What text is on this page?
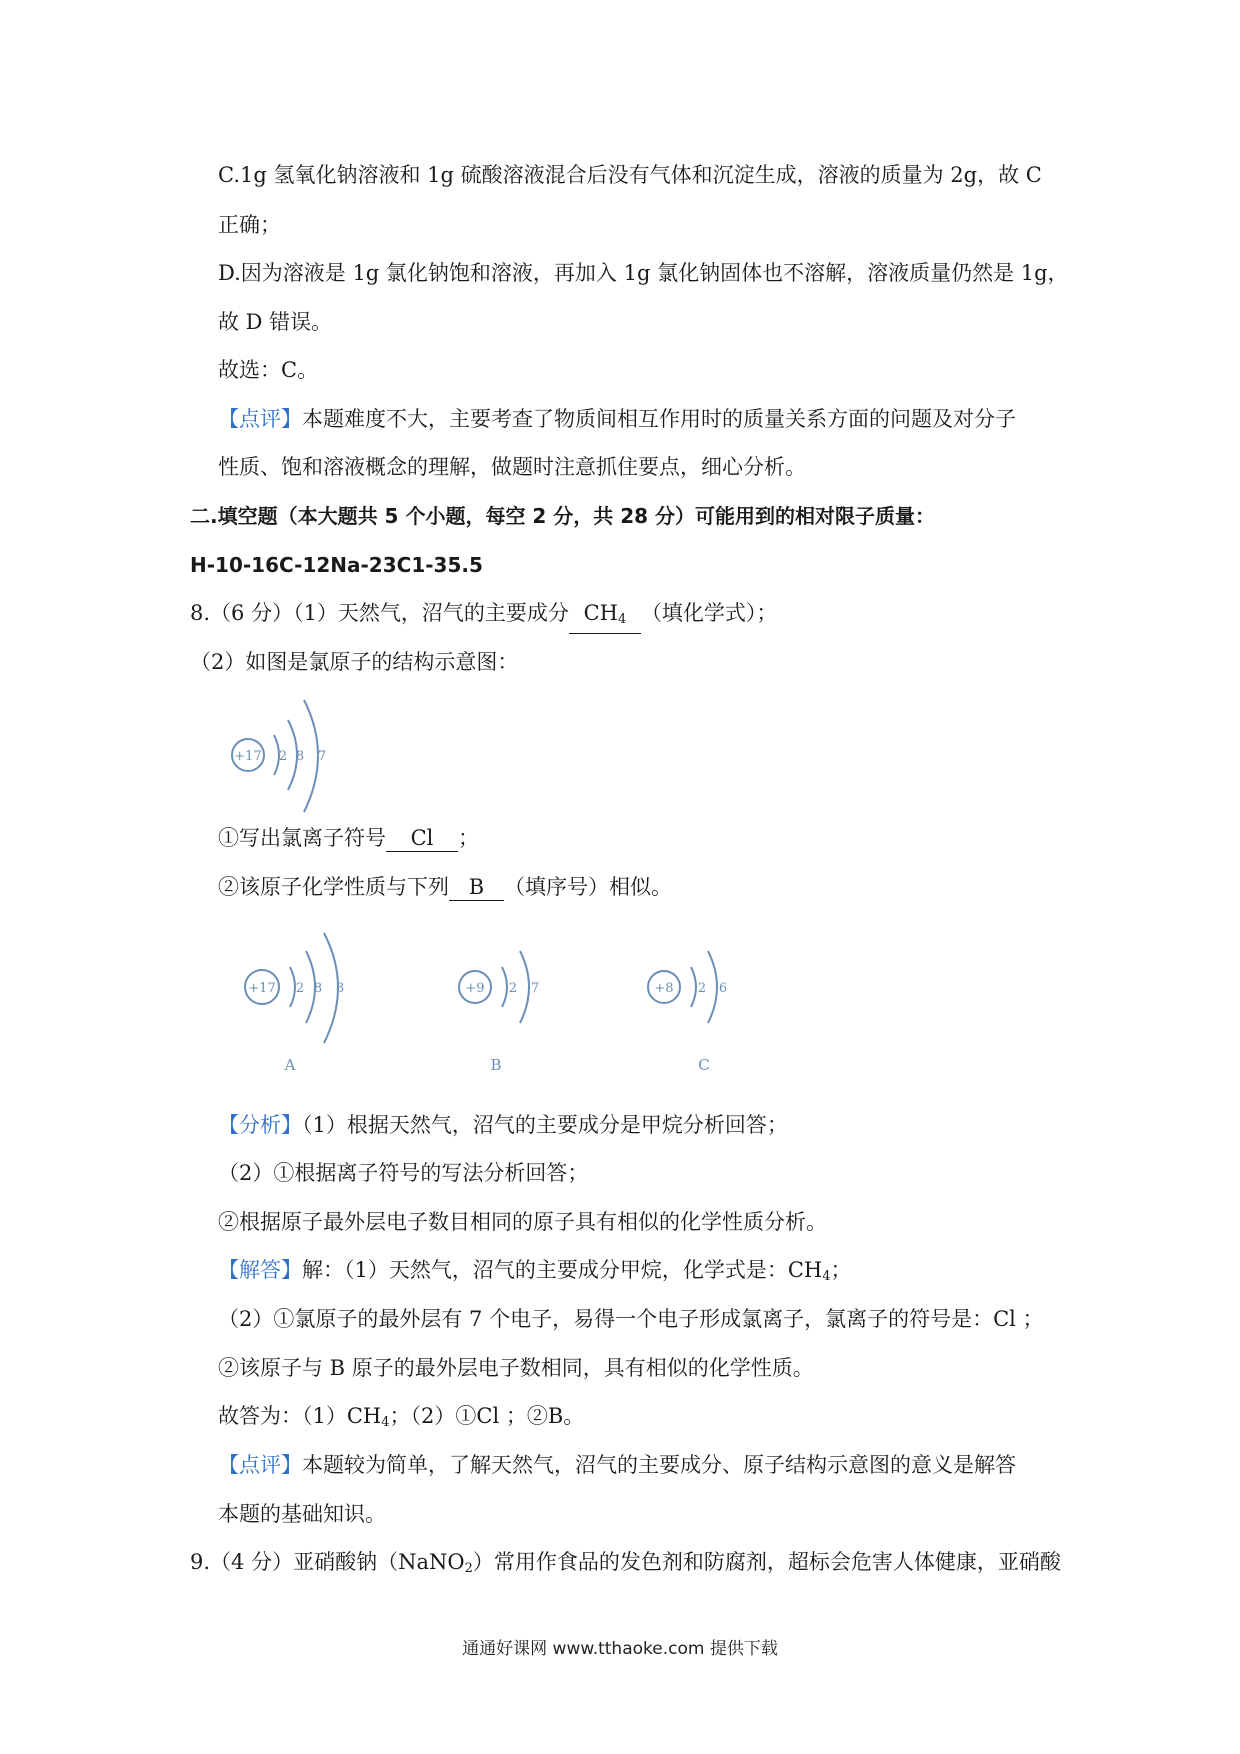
C.1g 氢氧化钠溶液和 1g 硫酸溶液混合后没有气体和沉淀生成，溶液的质量为 2g，故 C
正确；
D.因为溶液是 1g 氯化钠饱和溶液，再加入 1g 氯化钠固体也不溶解，溶液质量仍然是 1g，
故 D 错误。
故选：C。
【点评】本题难度不大，主要考查了物质间相互作用时的质量关系方面的问题及对分子
性质、饱和溶液概念的理解，做题时注意抓住要点，细心分析。
二.填空题（本大题共 5 个小题，每空 2 分，共 28 分）可能用到的相对限子质量：
H-10-16C-12Na-23C1-35.5
8.（6 分）（1）天然气，沼气的主要成分 $CH_4$ （填化学式）；
（2）如图是氯原子的结构示意图：
+17 2 8 7
①写出氯离子符号 Cl ；
②该原子化学性质与下列 B （填序号）相似。
+17 2 8 8
A
+9 2 7
B
+8 2 6
C
【分析】（1）根据天然气，沼气的主要成分是甲烷分析回答；
（2）①根据离子符号的写法分析回答；
②根据原子最外层电子数目相同的原子具有相似的化学性质分析。
【解答】解：（1）天然气，沼气的主要成分甲烷，化学式是：$CH_4$；
（2）①氯原子的最外层有 7 个电子，易得一个电子形成氯离子，氯离子的符号是：Cl ；
②该原子与 B 原子的最外层电子数相同，具有相似的化学性质。
故答为：$(1)CH_4$；（2）①Cl ；②B。
【点评】本题较为简单，了解天然气，沼气的主要成分、原子结构示意图的意义是解答
本题的基础知识。
9.（4 分）亚硝酸钠（NaNO$_2$）常用作食品的发色剂和防腐剂，超标会危害人体健康，亚硝酸
通通好课网 www.tthaoke.com 提供下载
